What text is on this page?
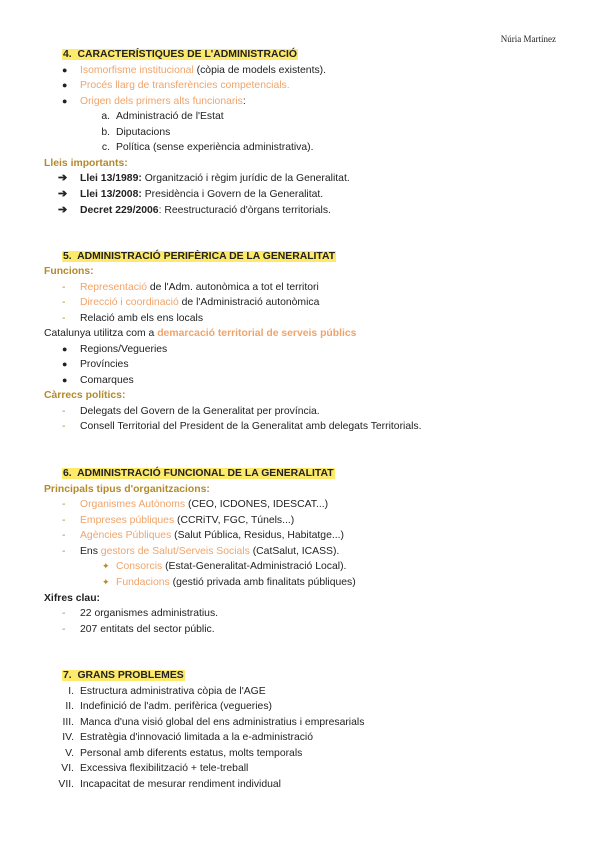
Núria Martínez
4. CARACTERÍSTIQUES DE L'ADMINISTRACIÓ
● Isomorfisme institucional (còpia de models existents).
● Procés llarg de transferències competencials.
● Origen dels primers alts funcionaris:
a. Administració de l'Estat
b. Diputacions
c. Política (sense experiència administrativa).
Lleis importants:
➔ Llei 13/1989: Organització i règim jurídic de la Generalitat.
➔ Llei 13/2008: Presidència i Govern de la Generalitat.
➔ Decret 229/2006: Reestructuració d'òrgans territorials.
5. ADMINISTRACIÓ PERIFÈRICA DE LA GENERALITAT
Funcions:
- Representació de l'Adm. autonòmica a tot el territori
- Direcció i coordinació de l'Administració autonòmica
- Relació amb els ens locals
Catalunya utilitza com a demarcació territorial de serveis públics
● Regions/Vegueries
● Províncies
● Comarques
Càrrecs polítics:
- Delegats del Govern de la Generalitat per província.
- Consell Territorial del President de la Generalitat amb delegats Territorials.
6. ADMINISTRACIÓ FUNCIONAL DE LA GENERALITAT
Principals tipus d'organitzacions:
- Organismes Autònoms (CEO, ICDONES, IDESCAT...)
- Empreses públiques (CCRiTV, FGC, Túnels...)
- Agències Públiques (Salut Pública, Residus, Habitatge...)
- Ens gestors de Salut/Serveis Socials (CatSalut, ICASS).
✦ Consorcis (Estat-Generalitat-Administració Local).
✦ Fundacions (gestió privada amb finalitats públiques)
Xifres clau:
- 22 organismes administratius.
- 207 entitats del sector públic.
7. GRANS PROBLEMES
I. Estructura administrativa còpia de l'AGE
II. Indefinició de l'adm. perifèrica (vegueries)
III. Manca d'una visió global del ens administratius i empresarials
IV. Estratègia d'innovació limitada a la e-administració
V. Personal amb diferents estatus, molts temporals
VI. Excessiva flexibilització + tele-treball
VII. Incapacitat de mesurar rendiment individual
